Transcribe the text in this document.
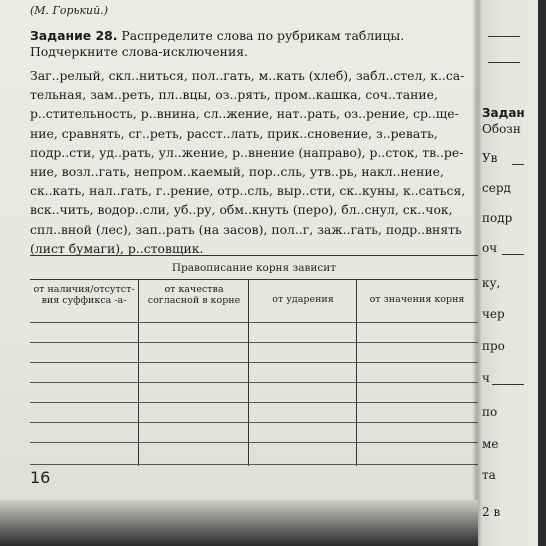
(М. Горький.)
Задание 28. Распределите слова по рубрикам таблицы. Подчеркните слова-исключения.
Заг..релый, скл..ниться, пол..гать, м..кать (хлеб), забл..стел, к..са-
тельная, зам..реть, пл..вцы, оз..рять, пром..кашка, соч..тание,
р..стительность, р..внина, сл..жение, нат..рать, оз..рение, ср..ще-
ние, сравнять, сг..реть, расст..лать, прик..сновение, з..ревать,
подр..сти, уд..рать, ул..жение, р..внение (направо), р..сток, тв..ре-
ние, возл..гать, непром..каемый, пор..сль, утв..рь, накл..нение,
ск..кать, нал..гать, г..рение, отр..сль, выр..сти, ск..куны, к..саться,
вск..чить, водор..сли, уб..ру, обм..кнуть (перо), бл..снул, ск..чок,
спл..вной (лес), зап..рать (на засов), пол..г, заж..гать, подр..внять
(лист бумаги), р..стовщик.
Правописание корня зависит
от наличия/отсутст-вия суффикса -а-
от качества согласной в корне	от ударения	от значения корня
16
Задан
Обозн
Ув
серд
подр
оч
ку,
чер
про
ч
по
ме
та
2 в
